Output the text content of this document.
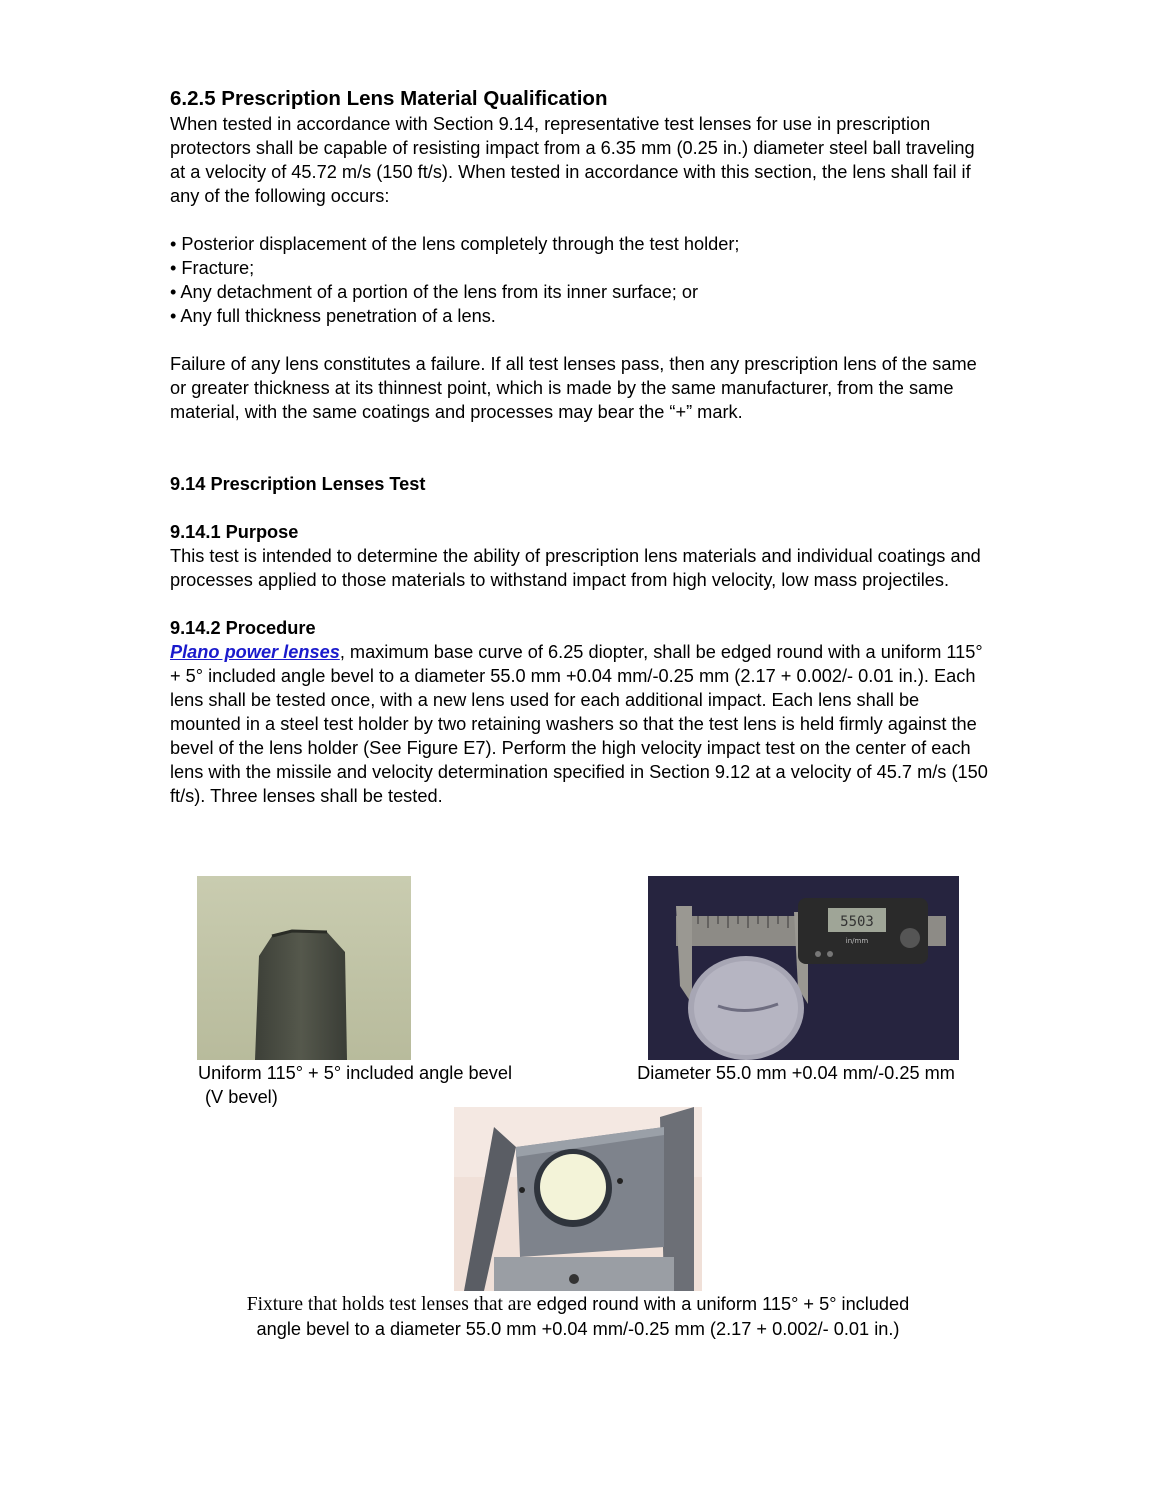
6.2.5 Prescription Lens Material Qualification

When tested in accordance with Section 9.14, representative test lenses for use in prescription protectors shall be capable of resisting impact from a 6.35 mm (0.25 in.) diameter steel ball traveling at a velocity of 45.72 m/s (150 ft/s). When tested in accordance with this section, the lens shall fail if any of the following occurs:

• Posterior displacement of the lens completely through the test holder;

• Fracture;

• Any detachment of a portion of the lens from its inner surface; or

• Any full thickness penetration of a lens.

Failure of any lens constitutes a failure. If all test lenses pass, then any prescription lens of the same or greater thickness at its thinnest point, which is made by the same manufacturer, from the same material, with the same coatings and processes may bear the “+” mark.

9.14 Prescription Lenses Test

9.14.1 Purpose

This test is intended to determine the ability of prescription lens materials and individual coatings and processes applied to those materials to withstand impact from high velocity, low mass projectiles.

9.14.2 Procedure

Plano power lenses, maximum base curve of 6.25 diopter, shall be edged round with a uniform 115° + 5° included angle bevel to a diameter 55.0 mm +0.04 mm/-0.25 mm (2.17 + 0.002/- 0.01 in.). Each lens shall be tested once, with a new lens used for each additional impact. Each lens shall be mounted in a steel test holder by two retaining washers so that the test lens is held firmly against the bevel of the lens holder (See Figure E7). Perform the high velocity impact test on the center of each lens with the missile and velocity determination specified in Section 9.12 at a velocity of 45.7 m/s (150 ft/s). Three lenses shall be tested.

5503
in/mm
Uniform 115° + 5° included angle bevel
(V bevel)
Diameter 55.0 mm +0.04 mm/-0.25 mm
Fixture that holds test lenses that are edged round with a uniform 115° + 5° included
angle bevel to a diameter 55.0 mm +0.04 mm/-0.25 mm (2.17 + 0.002/- 0.01 in.)
